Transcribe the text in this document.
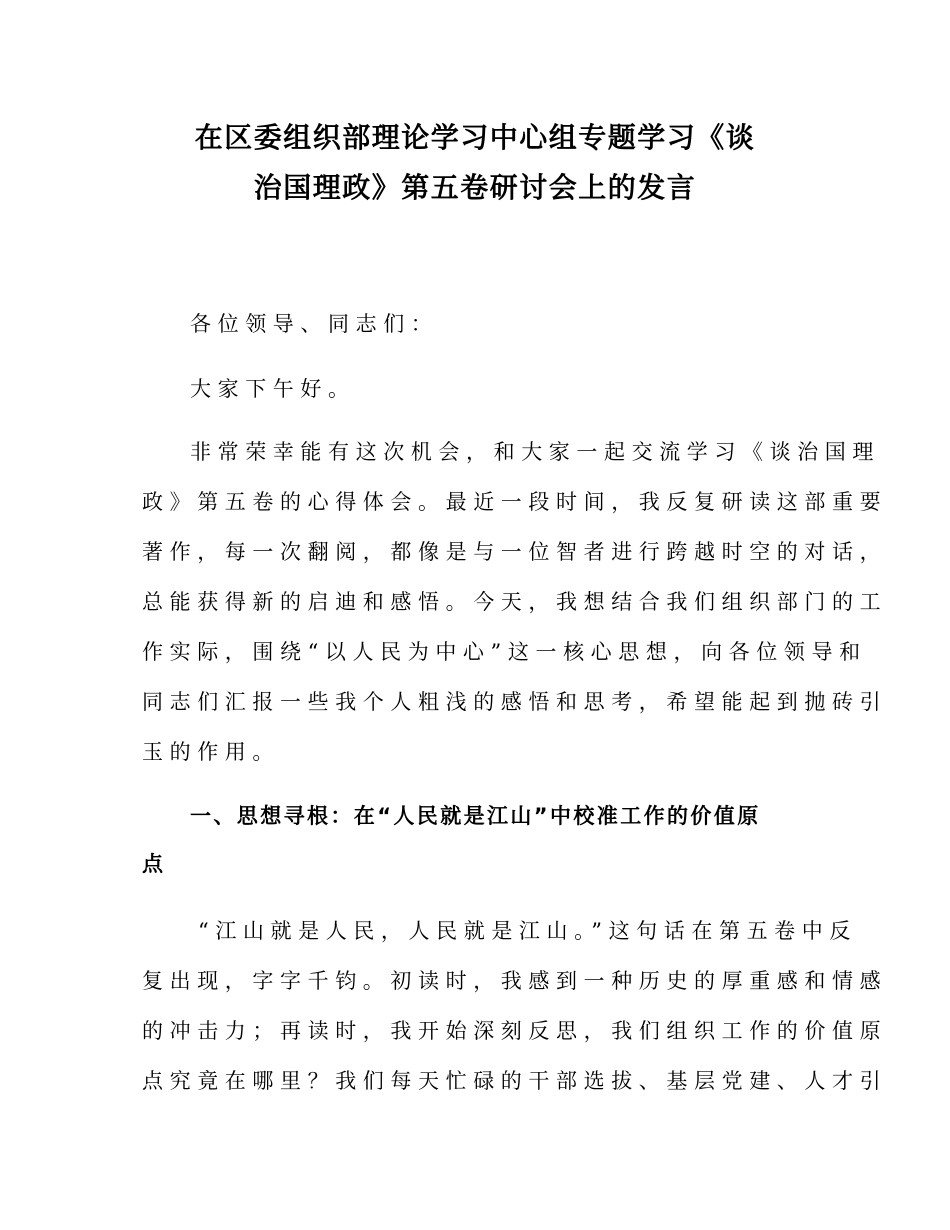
在区委组织部理论学习中心组专题学习《谈
治国理政》第五卷研讨会上的发言
各位领导、同志们：
大家下午好。
非常荣幸能有这次机会，和大家一起交流学习《谈治国理
政》第五卷的心得体会。最近一段时间，我反复研读这部重要
著作，每一次翻阅，都像是与一位智者进行跨越时空的对话，
总能获得新的启迪和感悟。今天，我想结合我们组织部门的工
作实际，围绕“以人民为中心”这一核心思想，向各位领导和
同志们汇报一些我个人粗浅的感悟和思考，希望能起到抛砖引
玉的作用。
一、思想寻根：在“人民就是江山”中校准工作的价值原
点
“江山就是人民，人民就是江山。”这句话在第五卷中反
复出现，字字千钧。初读时，我感到一种历史的厚重感和情感
的冲击力；再读时，我开始深刻反思，我们组织工作的价值原
点究竟在哪里？我们每天忙碌的干部选拔、基层党建、人才引
